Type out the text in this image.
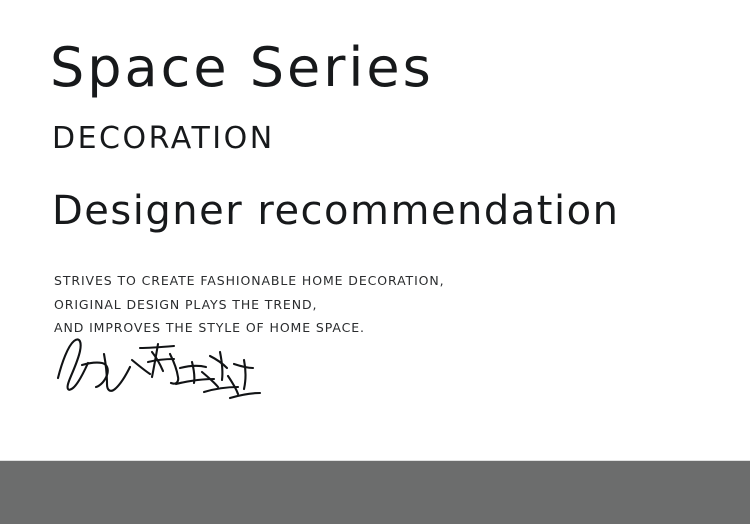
Space Series
DECORATION
Designer recommendation
STRIVES TO CREATE FASHIONABLE HOME DECORATION,
ORIGINAL DESIGN PLAYS THE TREND,
AND IMPROVES THE STYLE OF HOME SPACE.
